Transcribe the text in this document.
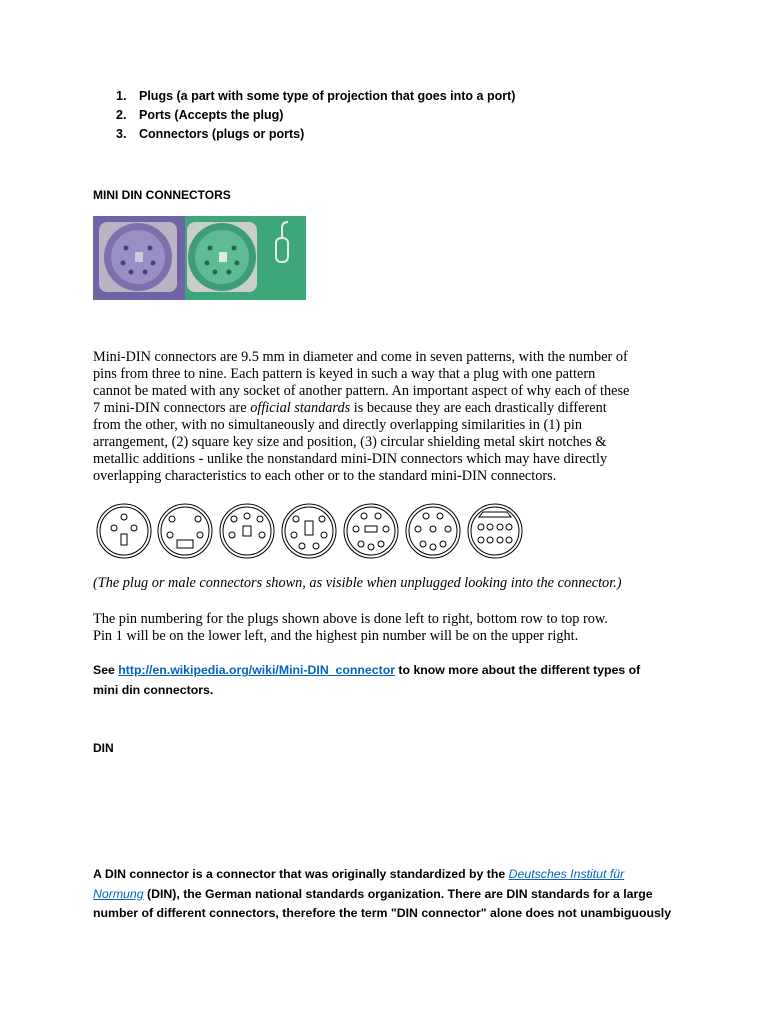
1. Plugs (a part with some type of projection that goes into a port)
2. Ports (Accepts the plug)
3. Connectors (plugs or ports)
MINI DIN CONNECTORS
Mini-DIN connectors are 9.5 mm in diameter and come in seven patterns, with the number of
pins from three to nine. Each pattern is keyed in such a way that a plug with one pattern
cannot be mated with any socket of another pattern. An important aspect of why each of these
7 mini-DIN connectors are official standards is because they are each drastically different
from the other, with no simultaneously and directly overlapping similarities in (1) pin
arrangement, (2) square key size and position, (3) circular shielding metal skirt notches &
metallic additions - unlike the nonstandard mini-DIN connectors which may have directly
overlapping characteristics to each other or to the standard mini-DIN connectors.
(The plug or male connectors shown, as visible when unplugged looking into the connector.)
The pin numbering for the plugs shown above is done left to right, bottom row to top row.
Pin 1 will be on the lower left, and the highest pin number will be on the upper right.
See http://en.wikipedia.org/wiki/Mini-DIN_connector to know more about the different types of
mini din connectors.
DIN
A DIN connector is a connector that was originally standardized by the Deutsches Institut für
Normung (DIN), the German national standards organization. There are DIN standards for a large
number of different connectors, therefore the term "DIN connector" alone does not unambiguously
